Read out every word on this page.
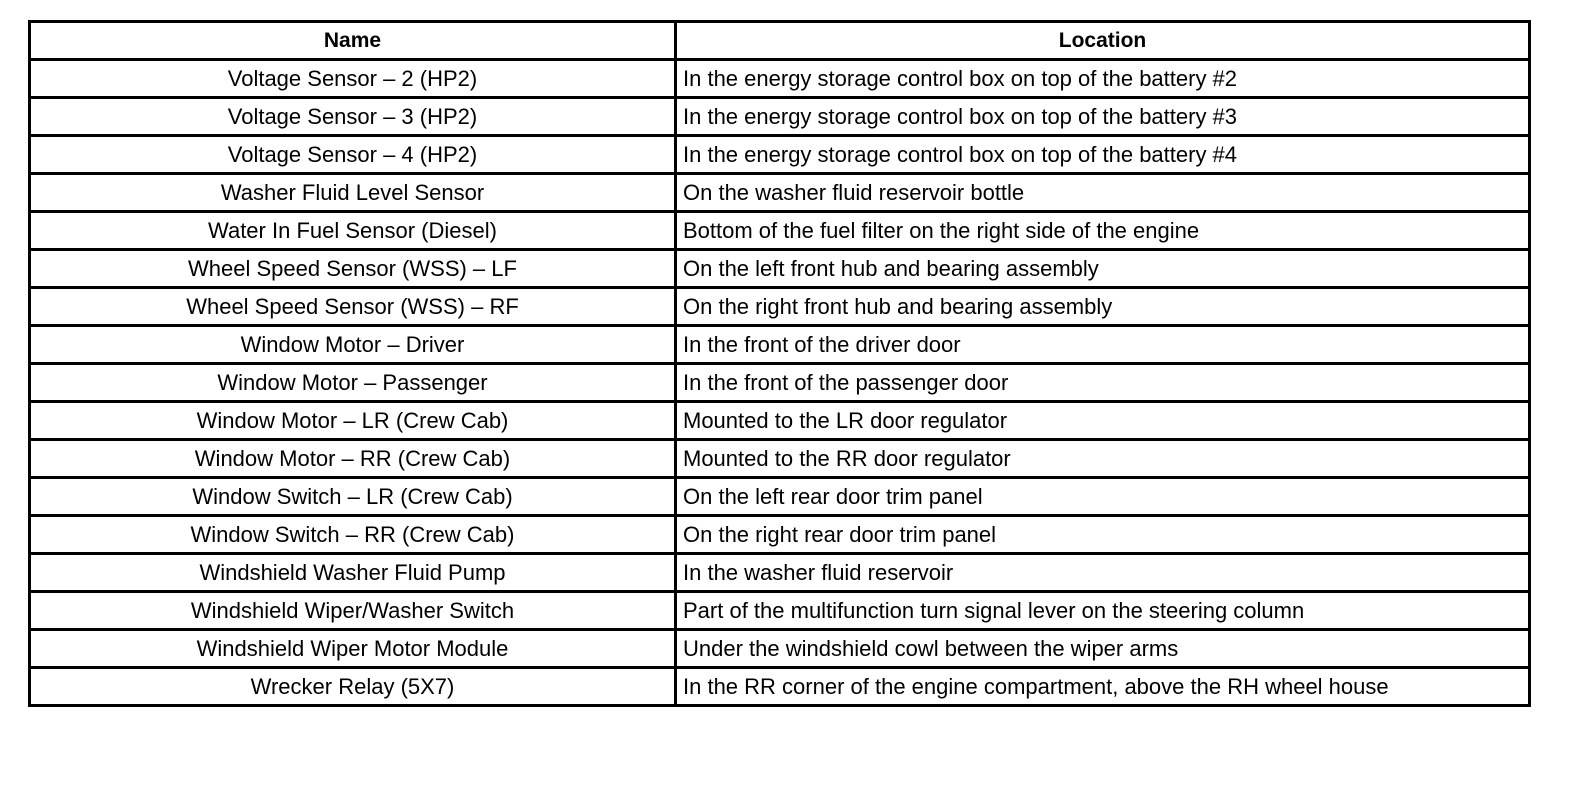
Name	Location
Voltage Sensor – 2 (HP2)	In the energy storage control box on top of the battery #2
Voltage Sensor – 3 (HP2)	In the energy storage control box on top of the battery #3
Voltage Sensor – 4 (HP2)	In the energy storage control box on top of the battery #4
Washer Fluid Level Sensor	On the washer fluid reservoir bottle
Water In Fuel Sensor (Diesel)	Bottom of the fuel filter on the right side of the engine
Wheel Speed Sensor (WSS) – LF	On the left front hub and bearing assembly
Wheel Speed Sensor (WSS) – RF	On the right front hub and bearing assembly
Window Motor – Driver	In the front of the driver door
Window Motor – Passenger	In the front of the passenger door
Window Motor – LR (Crew Cab)	Mounted to the LR door regulator
Window Motor – RR (Crew Cab)	Mounted to the RR door regulator
Window Switch – LR (Crew Cab)	On the left rear door trim panel
Window Switch – RR (Crew Cab)	On the right rear door trim panel
Windshield Washer Fluid Pump	In the washer fluid reservoir
Windshield Wiper/Washer Switch	Part of the multifunction turn signal lever on the steering column
Windshield Wiper Motor Module	Under the windshield cowl between the wiper arms
Wrecker Relay (5X7)	In the RR corner of the engine compartment, above the RH wheel house
